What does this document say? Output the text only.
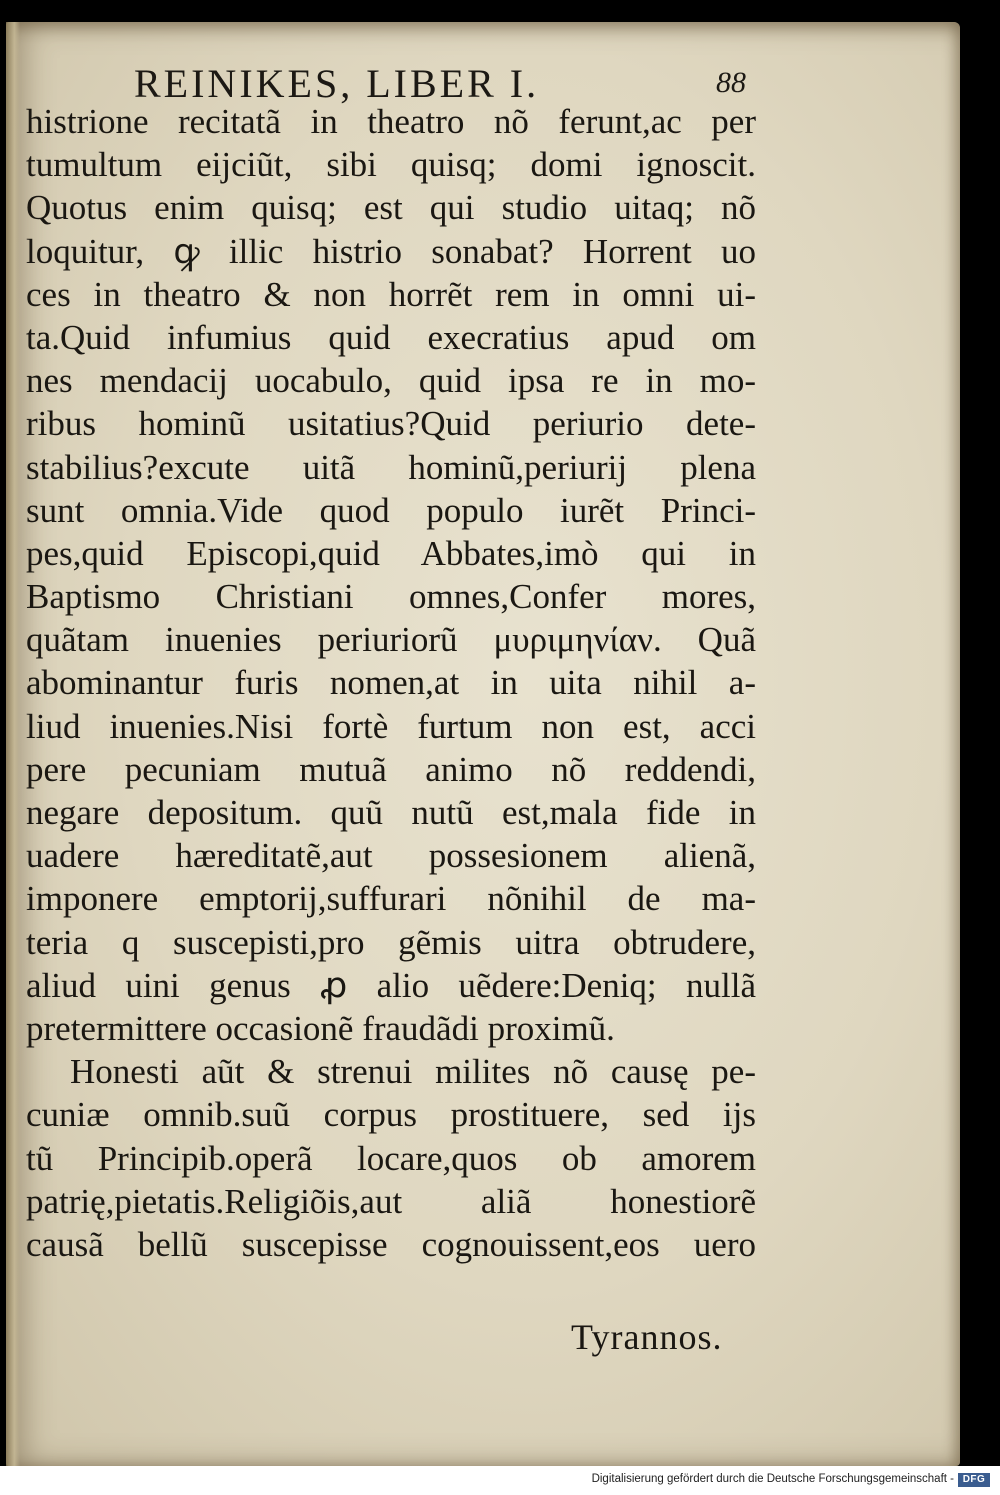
REINIKES, LIBER I.	88
histrione recitatã in theatro nõ ferunt,ac per
tumultum eijciũt, sibi quisq; domi ignoscit.
Quotus enim quisq; est qui studio uitaq; nõ
loquitur, ꝙ illic histrio sonabat? Horrent uo
ces in theatro & non horrẽt rem in omni ui-
ta.Quid infumius quid execratius apud om
nes mendacij uocabulo, quid ipsa re in mo-
ribus hominũ usitatius?Quid periurio dete-
stabilius?excute uitã hominũ,periurij plena
sunt omnia.Vide quod populo iurẽt Princi-
pes,quid Episcopi,quid Abbates,imò qui in
Baptismo Christiani omnes,Confer mores,
quãtam inuenies periuriorũ μυριμηνίαν. Quã
abominantur furis nomen,at in uita nihil a-
liud inuenies.Nisi fortè furtum non est, acci
pere pecuniam mutuã animo nõ reddendi,
negare depositum. quũ nutũ est,mala fide in
uadere hæreditatẽ,aut possesionem alienã,
imponere emptorij,suffurari nõnihil de ma-
teria q suscepisti,pro gẽmis uitra obtrudere,
aliud uini genus ꝓ alio uẽdere:Deniq; nullã
pretermittere occasionẽ fraudãdi proximũ.
Honesti aũt & strenui milites nõ causę pe-
cuniæ omnib.suũ corpus prostituere, sed ijs
tũ Principib.operã locare,quos ob amorem
patrię,pietatis.Religiõis,aut aliã honestiorẽ
causã bellũ suscepisse cognouissent,eos uero
Tyrannos.
Digitalisierung gefördert durch die Deutsche Forschungsgemeinschaft - DFG
